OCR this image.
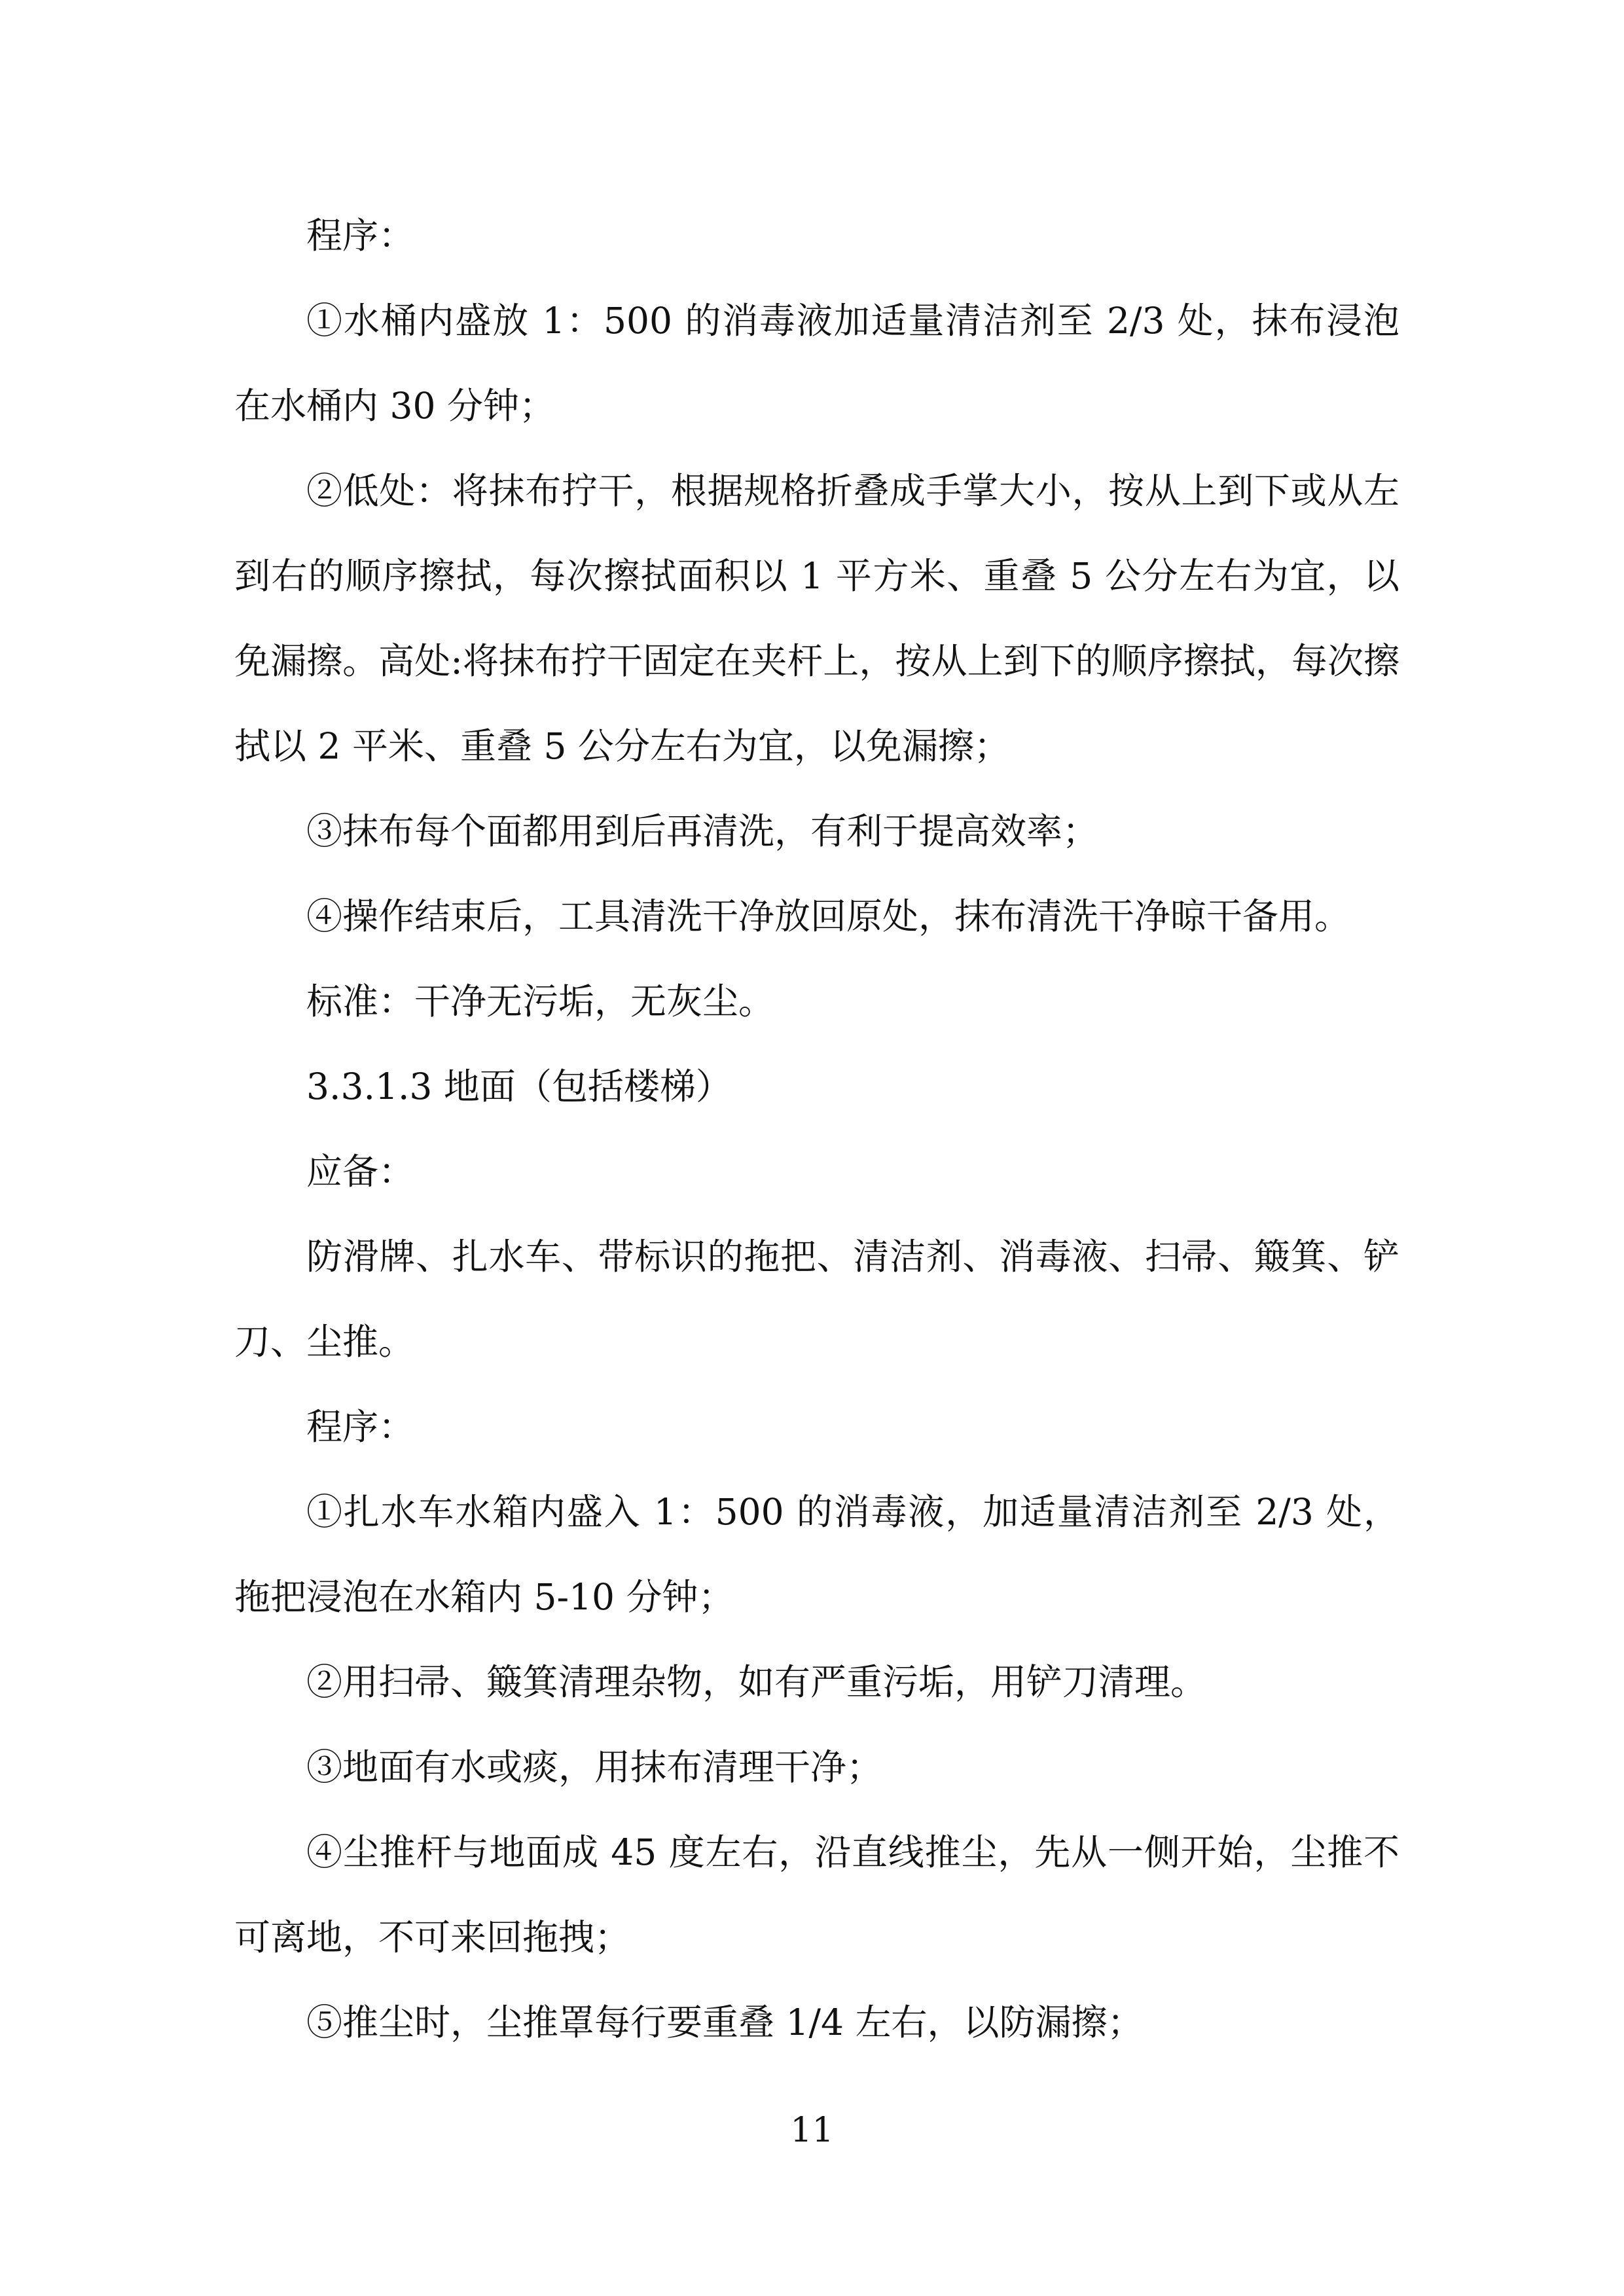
程序：

①水桶内盛放 1：500 的消毒液加适量清洁剂至 2/3 处，抹布浸泡在水桶内 30 分钟；

②低处：将抹布拧干，根据规格折叠成手掌大小，按从上到下或从左到右的顺序擦拭，每次擦拭面积以 1 平方米、重叠 5 公分左右为宜，以免漏擦。高处:将抹布拧干固定在夹杆上，按从上到下的顺序擦拭，每次擦拭以 2 平米、重叠 5 公分左右为宜，以免漏擦；

③抹布每个面都用到后再清洗，有利于提高效率；

④操作结束后，工具清洗干净放回原处，抹布清洗干净晾干备用。

标准：干净无污垢，无灰尘。

3.3.1.3 地面（包括楼梯）

应备：

防滑牌、扎水车、带标识的拖把、清洁剂、消毒液、扫帚、簸箕、铲刀、尘推。

程序：

①扎水车水箱内盛入 1：500 的消毒液，加适量清洁剂至 2/3 处，拖把浸泡在水箱内 5-10 分钟；

②用扫帚、簸箕清理杂物，如有严重污垢，用铲刀清理。

③地面有水或痰，用抹布清理干净；

④尘推杆与地面成 45 度左右，沿直线推尘，先从一侧开始，尘推不可离地，不可来回拖拽；

⑤推尘时，尘推罩每行要重叠 1/4 左右，以防漏擦；

11
